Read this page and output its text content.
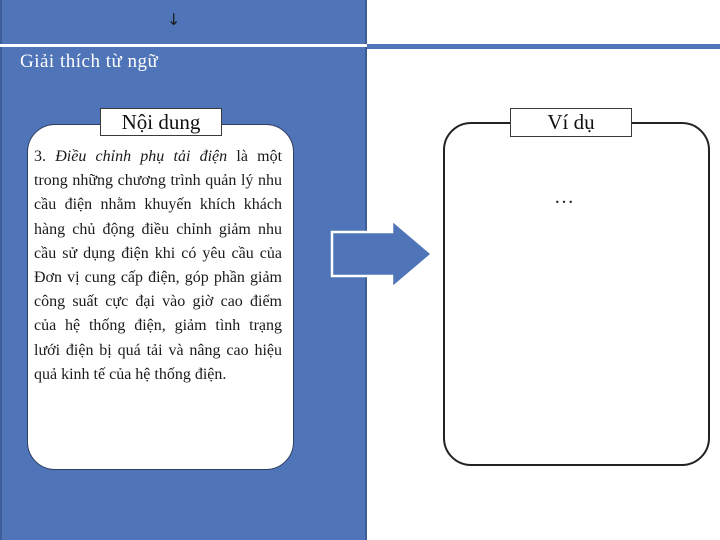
↓
Giải thích từ ngữ
Nội dung
3. Điều chỉnh phụ tải điện là một trong những chương trình quản lý nhu cầu điện nhằm khuyến khích khách hàng chủ động điều chỉnh giảm nhu cầu sử dụng điện khi có yêu cầu của Đơn vị cung cấp điện, góp phần giảm công suất cực đại vào giờ cao điểm của hệ thống điện, giảm tình trạng lưới điện bị quá tải và nâng cao hiệu quả kinh tế của hệ thống điện.
Ví dụ
…
